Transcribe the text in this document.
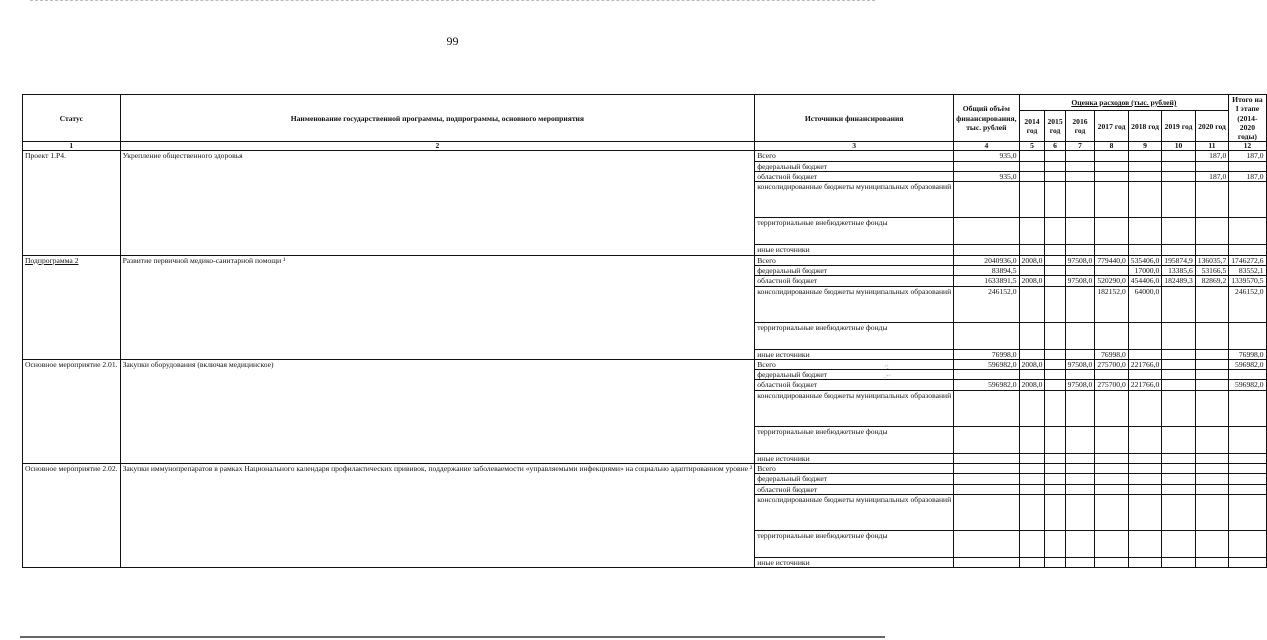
99
Статус	Наименование государственной программы, подпрограммы, основного мероприятия	Источники финансирования	Общий объём финансирования, тыс. рублей	Оценка расходов (тыс. рублей)							Итого на I этапе (2014-2020 годы)
				2014 год	2015 год	2016 год	2017 год	2018 год	2019 год	2020 год	
1	2	3	4	5	6	7	8	9	10	11	12
Проект 1.Р4.	Укрепление общественного здоровья	Всего	935,0							187,0	187,0
		федеральный бюджет									
		областной бюджет	935,0							187,0	187,0
		консолидированные бюджеты муниципальных образований									
		территориальные внебюджетные фонды									
		иные источники									
Подпрограмма 2	Развитие первичной медико-санитарной помощи ¹	Всего	2040936,0	2008,0		97508,0	779440,0	535406,0	195874,9	136035,7	1746272,6
		федеральный бюджет	83894,5					17000,0	13385,6	53166,5	83552,1
		областной бюджет	1633891,5	2008,0		97508,0	520290,0	454406,0	182489,3	82869,2	1339570,5
		консолидированные бюджеты муниципальных образований	246152,0				182152,0	64000,0			246152,0
		территориальные внебюджетные фонды									
		иные источники	76998,0				76998,0				76998,0
Основное мероприятие 2.01.	Закупки оборудования (включая медицинское)	Всего	596982,0	2008,0		97508,0	275700,0	221766,0			596982,0
		федеральный бюджет									
		областной бюджет	596982,0	2008,0		97508,0	275700,0	221766,0			596982,0
		консолидированные бюджеты муниципальных образований									
		территориальные внебюджетные фонды									
		иные источники									
Основное мероприятие 2.02.	Закупки иммунопрепаратов в рамках Национального календаря профилактических прививок, поддержание заболеваемости «управляемыми инфекциями» на социально адаптированном уровне ²	Всего									
		федеральный бюджет									
		областной бюджет									
		консолидированные бюджеты муниципальных образований									
		территориальные внебюджетные фонды									
		иные источники									
·:
.-·
